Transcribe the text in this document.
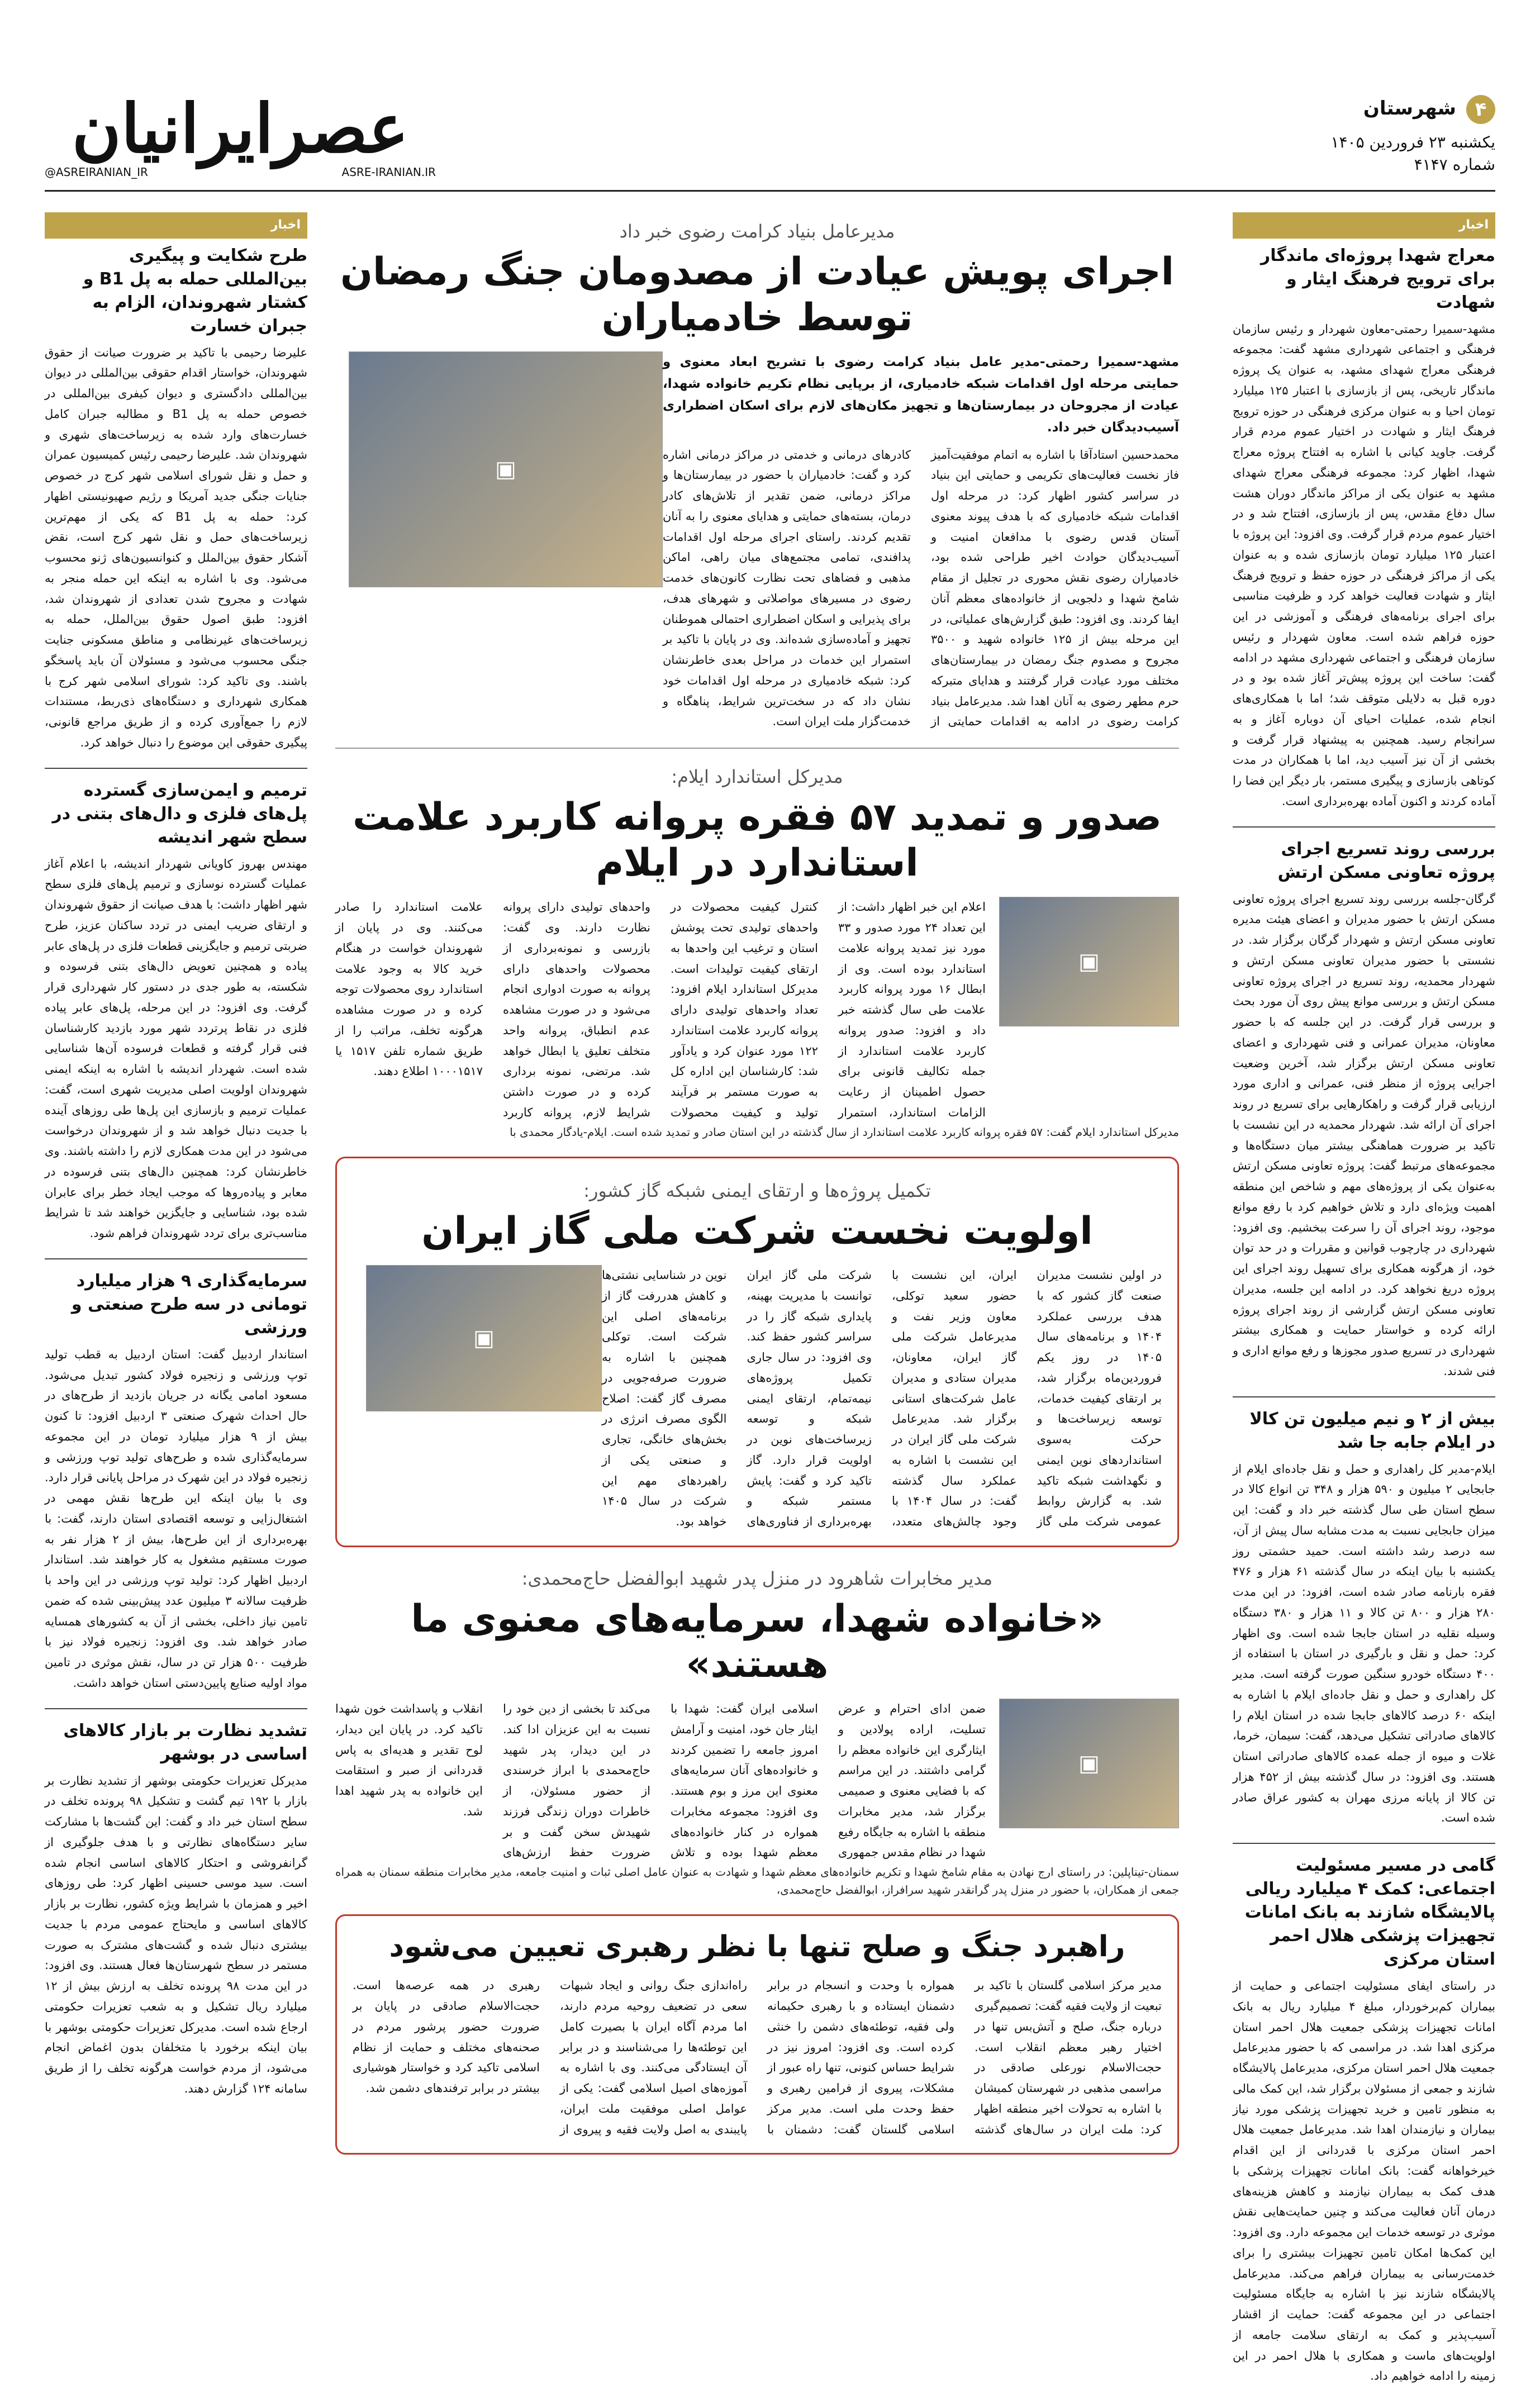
۴
شهرستان
یکشنبه ۲۳ فروردین ۱۴۰۵
شماره ۴۱۴۷
عصرایرانیان
@ASREIRANIAN_IR	ASRE-IRANIAN.IR
اخبار
معراج شهدا پروژه‌ای ماندگار برای ترویج فرهنگ ایثار و شهادت
مشهد-سمیرا رحمتی-معاون شهردار و رئیس سازمان فرهنگی و اجتماعی شهرداری مشهد گفت: مجموعه فرهنگی معراج شهدای مشهد، به عنوان یک پروژه ماندگار تاریخی، پس از بازسازی با اعتبار ۱۲۵ میلیارد تومان احیا و به عنوان مرکزی فرهنگی در حوزه ترویج فرهنگ ایثار و شهادت در اختیار عموم مردم قرار گرفت. جاوید کیانی با اشاره به افتتاح پروژه معراج شهدا، اظهار کرد: مجموعه فرهنگی معراج شهدای مشهد به عنوان یکی از مراکز ماندگار دوران هشت سال دفاع مقدس، پس از بازسازی، افتتاح شد و در اختیار عموم مردم قرار گرفت. وی افزود: این پروژه با اعتبار ۱۲۵ میلیارد تومان بازسازی شده و به عنوان یکی از مراکز فرهنگی در حوزه حفظ و ترویج فرهنگ ایثار و شهادت فعالیت خواهد کرد و ظرفیت مناسبی برای اجرای برنامه‌های فرهنگی و آموزشی در این حوزه فراهم شده است. معاون شهردار و رئیس سازمان فرهنگی و اجتماعی شهرداری مشهد در ادامه گفت: ساخت این پروژه پیش‌تر آغاز شده بود و در دوره قبل به دلایلی متوقف شد؛ اما با همکاری‌های انجام شده، عملیات احیای آن دوباره آغاز و به سرانجام رسید. همچنین به پیشنهاد قرار گرفت و بخشی از آن نیز آسیب دید، اما با همکاران در مدت کوتاهی بازسازی و پیگیری مستمر، بار دیگر این فضا را آماده کردند و اکنون آماده بهره‌برداری است.
بررسی روند تسریع اجرای پروژه تعاونی مسکن ارتش
گرگان-جلسه بررسی روند تسریع اجرای پروژه تعاونی مسکن ارتش با حضور مدیران و اعضای هیئت مدیره تعاونی مسکن ارتش و شهردار گرگان برگزار شد. در نشستی با حضور مدیران تعاونی مسکن ارتش و شهردار محمدیه، روند تسریع در اجرای پروژه تعاونی مسکن ارتش و بررسی موانع پیش روی آن مورد بحث و بررسی قرار گرفت. در این جلسه که با حضور معاونان، مدیران عمرانی و فنی شهرداری و اعضای تعاونی مسکن ارتش برگزار شد، آخرین وضعیت اجرایی پروژه از منظر فنی، عمرانی و اداری مورد ارزیابی قرار گرفت و راهکارهایی برای تسریع در روند اجرای آن ارائه شد. شهردار محمدیه در این نشست با تاکید بر ضرورت هماهنگی بیشتر میان دستگاه‌ها و مجموعه‌های مرتبط گفت: پروژه تعاونی مسکن ارتش به‌عنوان یکی از پروژه‌های مهم و شاخص این منطقه اهمیت ویژه‌ای دارد و تلاش خواهیم کرد با رفع موانع موجود، روند اجرای آن را سرعت ببخشیم. وی افزود: شهرداری در چارچوب قوانین و مقررات و در حد توان خود، از هرگونه همکاری برای تسهیل روند اجرای این پروژه دریغ نخواهد کرد. در ادامه این جلسه، مدیران تعاونی مسکن ارتش گزارشی از روند اجرای پروژه ارائه کرده و خواستار حمایت و همکاری بیشتر شهرداری در تسریع صدور مجوزها و رفع موانع اداری و فنی شدند.
بیش از ۲ و نیم میلیون تن کالا در ایلام جابه جا شد
ایلام-مدیر کل راهداری و حمل و نقل جاده‌ای ایلام از جابجایی ۲ میلیون و ۵۹۰ هزار و ۳۴۸ تن انواع کالا در سطح استان طی سال گذشته خبر داد و گفت: این میزان جابجایی نسبت به مدت مشابه سال پیش از آن، سه درصد رشد داشته است. حمید حشمتی روز یکشنبه با بیان اینکه در سال گذشته ۶۱ هزار و ۴۷۶ فقره بارنامه صادر شده است، افزود: در این مدت ۲۸۰ هزار و ۸۰۰ تن کالا و ۱۱ هزار و ۳۸۰ دستگاه وسیله نقلیه در استان جابجا شده است. وی اظهار کرد: حمل و نقل و بارگیری در استان با استفاده از ۴۰۰ دستگاه خودرو سنگین صورت گرفته است. مدیر کل راهداری و حمل و نقل جاده‌ای ایلام با اشاره به اینکه ۶۰ درصد کالاهای جابجا شده در استان ایلام را کالاهای صادراتی تشکیل می‌دهد، گفت: سیمان، خرما، غلات و میوه از جمله عمده کالاهای صادراتی استان هستند. وی افزود: در سال گذشته بیش از ۴۵۲ هزار تن کالا از پایانه مرزی مهران به کشور عراق صادر شده است.
گامی در مسیر مسئولیت اجتماعی: کمک ۴ میلیارد ریالی پالایشگاه شازند به بانک امانات تجهیزات پزشکی هلال احمر استان مرکزی
در راستای ایفای مسئولیت اجتماعی و حمایت از بیماران کم‌برخوردار، مبلغ ۴ میلیارد ریال به بانک امانات تجهیزات پزشکی جمعیت هلال احمر استان مرکزی اهدا شد. در مراسمی که با حضور مدیرعامل جمعیت هلال احمر استان مرکزی، مدیرعامل پالایشگاه شازند و جمعی از مسئولان برگزار شد، این کمک مالی به منظور تامین و خرید تجهیزات پزشکی مورد نیاز بیماران و نیازمندان اهدا شد. مدیرعامل جمعیت هلال احمر استان مرکزی با قدردانی از این اقدام خیرخواهانه گفت: بانک امانات تجهیزات پزشکی با هدف کمک به بیماران نیازمند و کاهش هزینه‌های درمان آنان فعالیت می‌کند و چنین حمایت‌هایی نقش موثری در توسعه خدمات این مجموعه دارد. وی افزود: این کمک‌ها امکان تامین تجهیزات بیشتری را برای خدمت‌رسانی به بیماران فراهم می‌کند. مدیرعامل پالایشگاه شازند نیز با اشاره به جایگاه مسئولیت اجتماعی در این مجموعه گفت: حمایت از اقشار آسیب‌پذیر و کمک به ارتقای سلامت جامعه از اولویت‌های ماست و همکاری با هلال احمر در این زمینه را ادامه خواهیم داد.
اخبار
طرح شکایت و پیگیری بین‌المللی حمله به پل B1 و کشتار شهروندان، الزام به جبران خسارت
علیرضا رحیمی با تاکید بر ضرورت صیانت از حقوق شهروندان، خواستار اقدام حقوقی بین‌المللی در دیوان بین‌المللی دادگستری و دیوان کیفری بین‌المللی در خصوص حمله به پل B1 و مطالبه جبران کامل خسارت‌های وارد شده به زیرساخت‌های شهری و شهروندان شد. علیرضا رحیمی رئیس کمیسیون عمران و حمل و نقل شورای اسلامی شهر کرج در خصوص جنایات جنگی جدید آمریکا و رژیم صهیونیستی اظهار کرد: حمله به پل B1 که یکی از مهم‌ترین زیرساخت‌های حمل و نقل شهر کرج است، نقض آشکار حقوق بین‌الملل و کنوانسیون‌های ژنو محسوب می‌شود. وی با اشاره به اینکه این حمله منجر به شهادت و مجروح شدن تعدادی از شهروندان شد، افزود: طبق اصول حقوق بین‌الملل، حمله به زیرساخت‌های غیرنظامی و مناطق مسکونی جنایت جنگی محسوب می‌شود و مسئولان آن باید پاسخگو باشند. وی تاکید کرد: شورای اسلامی شهر کرج با همکاری شهرداری و دستگاه‌های ذی‌ربط، مستندات لازم را جمع‌آوری کرده و از طریق مراجع قانونی، پیگیری حقوقی این موضوع را دنبال خواهد کرد.
ترمیم و ایمن‌سازی گسترده پل‌های فلزی و دال‌های بتنی در سطح شهر اندیشه
مهندس بهروز کاویانی شهردار اندیشه، با اعلام آغاز عملیات گسترده نوسازی و ترمیم پل‌های فلزی سطح شهر اظهار داشت: با هدف صیانت از حقوق شهروندان و ارتقای ضریب ایمنی در تردد ساکنان عزیز، طرح ضربتی ترمیم و جایگزینی قطعات فلزی در پل‌های عابر پیاده و همچنین تعویض دال‌های بتنی فرسوده و شکسته، به طور جدی در دستور کار شهرداری قرار گرفت. وی افزود: در این مرحله، پل‌های عابر پیاده فلزی در نقاط پرتردد شهر مورد بازدید کارشناسان فنی قرار گرفته و قطعات فرسوده آن‌ها شناسایی شده است. شهردار اندیشه با اشاره به اینکه ایمنی شهروندان اولویت اصلی مدیریت شهری است، گفت: عملیات ترمیم و بازسازی این پل‌ها طی روزهای آینده با جدیت دنبال خواهد شد و از شهروندان درخواست می‌شود در این مدت همکاری لازم را داشته باشند. وی خاطرنشان کرد: همچنین دال‌های بتنی فرسوده در معابر و پیاده‌روها که موجب ایجاد خطر برای عابران شده بود، شناسایی و جایگزین خواهند شد تا شرایط مناسب‌تری برای تردد شهروندان فراهم شود.
سرمایه‌گذاری ۹ هزار میلیارد تومانی در سه طرح صنعتی و ورزشی
استاندار اردبیل گفت: استان اردبیل به قطب تولید توپ ورزشی و زنجیره فولاد کشور تبدیل می‌شود. مسعود امامی یگانه در جریان بازدید از طرح‌های در حال احداث شهرک صنعتی ۳ اردبیل افزود: تا کنون بیش از ۹ هزار میلیارد تومان در این مجموعه سرمایه‌گذاری شده و طرح‌های تولید توپ ورزشی و زنجیره فولاد در این شهرک در مراحل پایانی قرار دارد. وی با بیان اینکه این طرح‌ها نقش مهمی در اشتغال‌زایی و توسعه اقتصادی استان دارند، گفت: با بهره‌برداری از این طرح‌ها، بیش از ۲ هزار نفر به صورت مستقیم مشغول به کار خواهند شد. استاندار اردبیل اظهار کرد: تولید توپ ورزشی در این واحد با ظرفیت سالانه ۳ میلیون عدد پیش‌بینی شده که ضمن تامین نیاز داخلی، بخشی از آن به کشورهای همسایه صادر خواهد شد. وی افزود: زنجیره فولاد نیز با ظرفیت ۵۰۰ هزار تن در سال، نقش موثری در تامین مواد اولیه صنایع پایین‌دستی استان خواهد داشت.
تشدید نظارت بر بازار کالاهای اساسی در بوشهر
مدیرکل تعزیرات حکومتی بوشهر از تشدید نظارت بر بازار با ۱۹۲ تیم گشت و تشکیل ۹۸ پرونده تخلف در سطح استان خبر داد و گفت: این گشت‌ها با مشارکت سایر دستگاه‌های نظارتی و با هدف جلوگیری از گرانفروشی و احتکار کالاهای اساسی انجام شده است. سید موسی حسینی اظهار کرد: طی روزهای اخیر و همزمان با شرایط ویژه کشور، نظارت بر بازار کالاهای اساسی و مایحتاج عمومی مردم با جدیت بیشتری دنبال شده و گشت‌های مشترک به صورت مستمر در سطح شهرستان‌ها فعال هستند. وی افزود: در این مدت ۹۸ پرونده تخلف به ارزش بیش از ۱۲ میلیارد ریال تشکیل و به شعب تعزیرات حکومتی ارجاع شده است. مدیرکل تعزیرات حکومتی بوشهر با بیان اینکه برخورد با متخلفان بدون اغماض انجام می‌شود، از مردم خواست هرگونه تخلف را از طریق سامانه ۱۲۴ گزارش دهند.
مدیرعامل بنیاد کرامت رضوی خبر داد
اجرای پویش عیادت از مصدومان جنگ رمضان توسط خادمیاران
▣
مشهد-سمیرا رحمتی-مدیر عامل بنیاد کرامت رضوی با تشریح ابعاد معنوی و حمایتی مرحله اول اقدامات شبکه خادمیاری، از برپایی نظام تکریم خانواده شهدا، عیادت از مجروحان در بیمارستان‌ها و تجهیز مکان‌های لازم برای اسکان اضطراری آسیب‌دیدگان خبر داد.
محمدحسین استادآقا با اشاره به اتمام موفقیت‌آمیز فاز نخست فعالیت‌های تکریمی و حمایتی این بنیاد در سراسر کشور اظهار کرد: در مرحله اول اقدامات شبکه خادمیاری که با هدف پیوند معنوی آستان قدس رضوی با مدافعان امنیت و آسیب‌دیدگان حوادث اخیر طراحی شده بود، خادمیاران رضوی نقش محوری در تجلیل از مقام شامخ شهدا و دلجویی از خانواده‌های معظم آنان ایفا کردند. وی افزود: طبق گزارش‌های عملیاتی، در این مرحله بیش از ۱۲۵ خانواده شهید و ۳۵۰۰ مجروح و مصدوم جنگ رمضان در بیمارستان‌های مختلف مورد عیادت قرار گرفتند و هدایای متبرکه حرم مطهر رضوی به آنان اهدا شد. مدیرعامل بنیاد کرامت رضوی در ادامه به اقدامات حمایتی از کادرهای درمانی و خدمتی در مراکز درمانی اشاره کرد و گفت: خادمیاران با حضور در بیمارستان‌ها و مراکز درمانی، ضمن تقدیر از تلاش‌های کادر درمان، بسته‌های حمایتی و هدایای معنوی را به آنان تقدیم کردند. راستای اجرای مرحله اول اقدامات پدافندی، تمامی مجتمع‌های میان راهی، اماکن مذهبی و فضاهای تحت نظارت کانون‌های خدمت رضوی در مسیرهای مواصلاتی و شهرهای هدف، برای پذیرایی و اسکان اضطراری احتمالی هموطنان تجهیز و آماده‌سازی شده‌اند. وی در پایان با تاکید بر استمرار این خدمات در مراحل بعدی خاطرنشان کرد: شبکه خادمیاری در مرحله اول اقدامات خود نشان داد که در سخت‌ترین شرایط، پناهگاه و خدمت‌گزار ملت ایران است.
مدیرکل استاندارد ایلام:
صدور و تمدید ۵۷ فقره پروانه کاربرد علامت استاندارد در ایلام
▣
اعلام این خبر اظهار داشت: از این تعداد ۲۴ مورد صدور و ۳۳ مورد نیز تمدید پروانه علامت استاندارد بوده است. وی از ابطال ۱۶ مورد پروانه کاربرد علامت طی سال گذشته خبر داد و افزود: صدور پروانه کاربرد علامت استاندارد از جمله تکالیف قانونی برای حصول اطمینان از رعایت الزامات استاندارد، استمرار کنترل کیفیت محصولات در واحدهای تولیدی تحت پوشش استان و ترغیب این واحدها به ارتقای کیفیت تولیدات است. مدیرکل استاندارد ایلام افزود: تعداد واحدهای تولیدی دارای پروانه کاربرد علامت استاندارد ۱۲۲ مورد عنوان کرد و یادآور شد: کارشناسان این اداره کل به صورت مستمر بر فرآیند تولید و کیفیت محصولات واحدهای تولیدی دارای پروانه نظارت دارند. وی گفت: بازرسی و نمونه‌برداری از محصولات واحدهای دارای پروانه به صورت ادواری انجام می‌شود و در صورت مشاهده عدم انطباق، پروانه واحد متخلف تعلیق یا ابطال خواهد شد. مرتضی، نمونه برداری کرده و در صورت داشتن شرایط لازم، پروانه کاربرد علامت استاندارد را صادر می‌کنند. وی در پایان از شهروندان خواست در هنگام خرید کالا به وجود علامت استاندارد روی محصولات توجه کرده و در صورت مشاهده هرگونه تخلف، مراتب را از طریق شماره تلفن ۱۵۱۷ یا ۱۰۰۰۱۵۱۷ اطلاع دهند.
مدیرکل استاندارد ایلام گفت: ۵۷ فقره پروانه کاربرد علامت استاندارد از سال گذشته در این استان صادر و تمدید شده است. ایلام-یادگار محمدی با
تکمیل پروژه‌ها و ارتقای ایمنی شبکه گاز کشور:
اولویت نخست شرکت ملی گاز ایران
▣
در اولین نشست مدیران صنعت گاز کشور که با هدف بررسی عملکرد ۱۴۰۴ و برنامه‌های سال ۱۴۰۵ در روز یکم فروردین‌ماه برگزار شد، بر ارتقای کیفیت خدمات، توسعه زیرساخت‌ها و حرکت به‌سوی استانداردهای نوین ایمنی و نگهداشت شبکه تاکید شد. به گزارش روابط عمومی شرکت ملی گاز ایران، این نشست با حضور سعید توکلی، معاون وزیر نفت و مدیرعامل شرکت ملی گاز ایران، معاونان، مدیران ستادی و مدیران عامل شرکت‌های استانی برگزار شد. مدیرعامل شرکت ملی گاز ایران در این نشست با اشاره به عملکرد سال گذشته گفت: در سال ۱۴۰۴ با وجود چالش‌های متعدد، شرکت ملی گاز ایران توانست با مدیریت بهینه، پایداری شبکه گاز را در سراسر کشور حفظ کند. وی افزود: در سال جاری تکمیل پروژه‌های نیمه‌تمام، ارتقای ایمنی شبکه و توسعه زیرساخت‌های نوین در اولویت قرار دارد. گاز تاکید کرد و گفت: پایش مستمر شبکه و بهره‌برداری از فناوری‌های نوین در شناسایی نشتی‌ها و کاهش هدررفت گاز از برنامه‌های اصلی این شرکت است. توکلی همچنین با اشاره به ضرورت صرفه‌جویی در مصرف گاز گفت: اصلاح الگوی مصرف انرژی در بخش‌های خانگی، تجاری و صنعتی یکی از راهبردهای مهم این شرکت در سال ۱۴۰۵ خواهد بود.
مدیر مخابرات شاهرود در منزل پدر شهید ابوالفضل حاج‌محمدی:
«خانواده شهدا، سرمایه‌های معنوی ما هستند»
▣
ضمن ادای احترام و عرض تسلیت، اراده پولادین و ایثارگری این خانواده معظم را گرامی داشتند. در این مراسم که با فضایی معنوی و صمیمی برگزار شد، مدیر مخابرات منطقه با اشاره به جایگاه رفیع شهدا در نظام مقدس جمهوری اسلامی ایران گفت: شهدا با ایثار جان خود، امنیت و آرامش امروز جامعه را تضمین کردند و خانواده‌های آنان سرمایه‌های معنوی این مرز و بوم هستند. وی افزود: مجموعه مخابرات همواره در کنار خانواده‌های معظم شهدا بوده و تلاش می‌کند تا بخشی از دین خود را نسبت به این عزیزان ادا کند. در این دیدار، پدر شهید حاج‌محمدی با ابراز خرسندی از حضور مسئولان، از خاطرات دوران زندگی فرزند شهیدش سخن گفت و بر ضرورت حفظ ارزش‌های انقلاب و پاسداشت خون شهدا تاکید کرد. در پایان این دیدار، لوح تقدیر و هدیه‌ای به پاس قدردانی از صبر و استقامت این خانواده به پدر شهید اهدا شد.
سمنان-تیناپلین: در راستای ارج نهادن به مقام شامخ شهدا و تکریم خانواده‌های معظم شهدا و شهادت به عنوان عامل اصلی ثبات و امنیت جامعه، مدیر مخابرات منطقه سمنان به همراه جمعی از همکاران، با حضور در منزل پدر گرانقدر شهید سرافراز، ابوالفضل حاج‌محمدی،
راهبرد جنگ و صلح تنها با نظر رهبری تعیین می‌شود
مدیر مرکز اسلامی گلستان با تاکید بر تبعیت از ولایت فقیه گفت: تصمیم‌گیری درباره جنگ، صلح و آتش‌بس تنها در اختیار رهبر معظم انقلاب است. حجت‌الاسلام نورعلی صادقی در مراسمی مذهبی در شهرستان کمیشان با اشاره به تحولات اخیر منطقه اظهار کرد: ملت ایران در سال‌های گذشته همواره با وحدت و انسجام در برابر دشمنان ایستاده و با رهبری حکیمانه ولی فقیه، توطئه‌های دشمن را خنثی کرده است. وی افزود: امروز نیز در شرایط حساس کنونی، تنها راه عبور از مشکلات، پیروی از فرامین رهبری و حفظ وحدت ملی است. مدیر مرکز اسلامی گلستان گفت: دشمنان با راه‌اندازی جنگ روانی و ایجاد شبهات سعی در تضعیف روحیه مردم دارند، اما مردم آگاه ایران با بصیرت کامل این توطئه‌ها را می‌شناسند و در برابر آن ایستادگی می‌کنند. وی با اشاره به آموزه‌های اصیل اسلامی گفت: یکی از عوامل اصلی موفقیت ملت ایران، پایبندی به اصل ولایت فقیه و پیروی از رهبری در همه عرصه‌ها است. حجت‌الاسلام صادقی در پایان بر ضرورت حضور پرشور مردم در صحنه‌های مختلف و حمایت از نظام اسلامی تاکید کرد و خواستار هوشیاری بیشتر در برابر ترفندهای دشمن شد.
